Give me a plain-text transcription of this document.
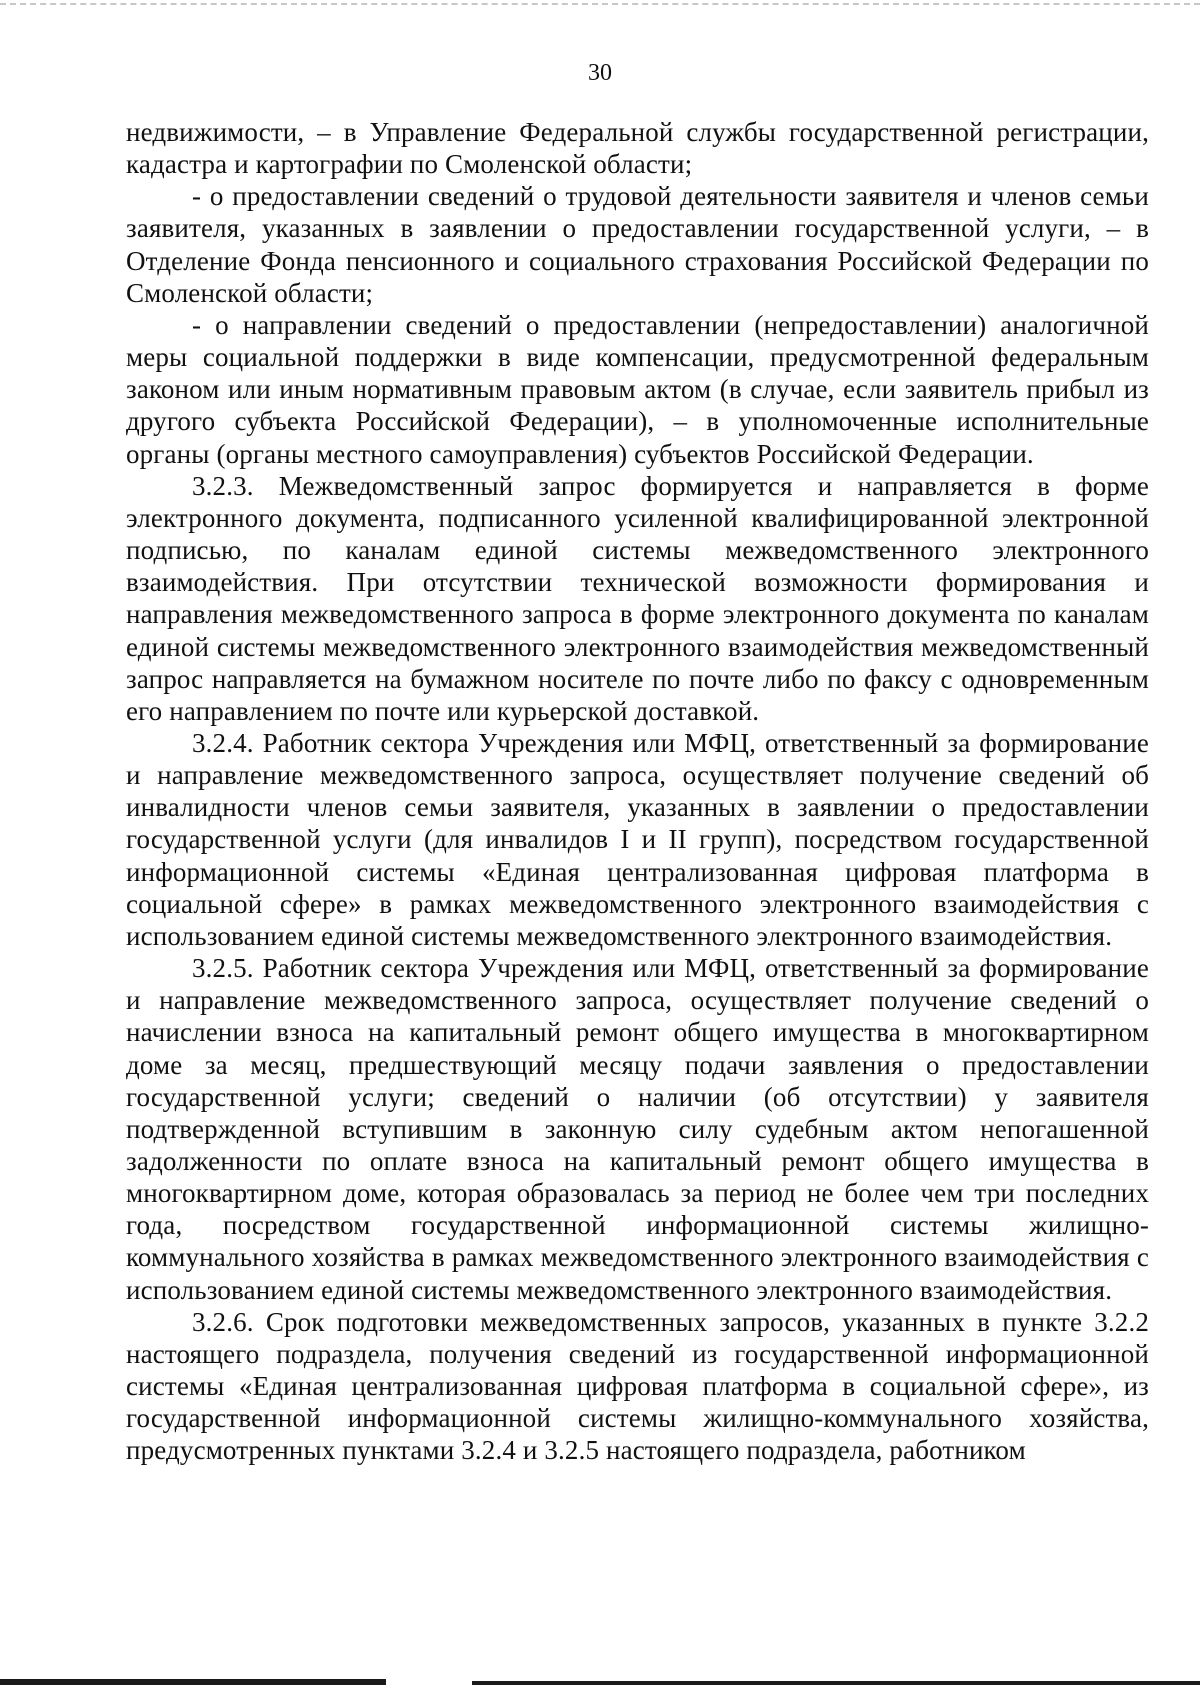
30

недвижимости, – в Управление Федеральной службы государственной регистрации, кадастра и картографии по Смоленской области;

- о предоставлении сведений о трудовой деятельности заявителя и членов семьи заявителя, указанных в заявлении о предоставлении государственной услуги, – в Отделение Фонда пенсионного и социального страхования Российской Федерации по Смоленской области;

- о направлении сведений о предоставлении (непредоставлении) аналогичной меры социальной поддержки в виде компенсации, предусмотренной федеральным законом или иным нормативным правовым актом (в случае, если заявитель прибыл из другого субъекта Российской Федерации), – в уполномоченные исполнительные органы (органы местного самоуправления) субъектов Российской Федерации.

3.2.3. Межведомственный запрос формируется и направляется в форме электронного документа, подписанного усиленной квалифицированной электронной подписью, по каналам единой системы межведомственного электронного взаимодействия. При отсутствии технической возможности формирования и направления межведомственного запроса в форме электронного документа по каналам единой системы межведомственного электронного взаимодействия межведомственный запрос направляется на бумажном носителе по почте либо по факсу с одновременным его направлением по почте или курьерской доставкой.

3.2.4. Работник сектора Учреждения или МФЦ, ответственный за формирование и направление межведомственного запроса, осуществляет получение сведений об инвалидности членов семьи заявителя, указанных в заявлении о предоставлении государственной услуги (для инвалидов I и II групп), посредством государственной информационной системы «Единая централизованная цифровая платформа в социальной сфере» в рамках межведомственного электронного взаимодействия с использованием единой системы межведомственного электронного взаимодействия.

3.2.5. Работник сектора Учреждения или МФЦ, ответственный за формирование и направление межведомственного запроса, осуществляет получение сведений о начислении взноса на капитальный ремонт общего имущества в многоквартирном доме за месяц, предшествующий месяцу подачи заявления о предоставлении государственной услуги; сведений о наличии (об отсутствии) у заявителя подтвержденной вступившим в законную силу судебным актом непогашенной задолженности по оплате взноса на капитальный ремонт общего имущества в многоквартирном доме, которая образовалась за период не более чем три последних года, посредством государственной информационной системы жилищно-коммунального хозяйства в рамках межведомственного электронного взаимодействия с использованием единой системы межведомственного электронного взаимодействия.

3.2.6. Срок подготовки межведомственных запросов, указанных в пункте 3.2.2 настоящего подраздела, получения сведений из государственной информационной системы «Единая централизованная цифровая платформа в социальной сфере», из государственной информационной системы жилищно-коммунального хозяйства, предусмотренных пунктами 3.2.4 и 3.2.5 настоящего подраздела, работником
